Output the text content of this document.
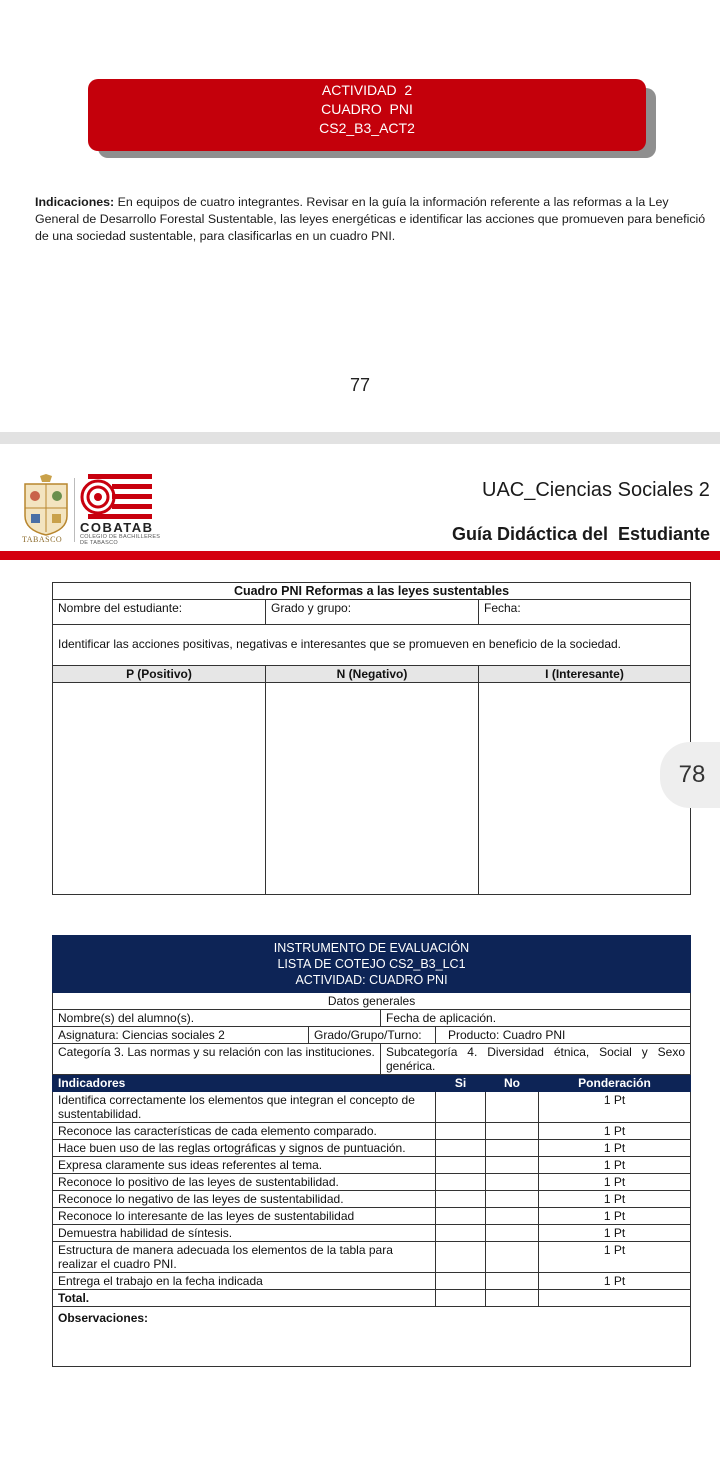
ACTIVIDAD  2
CUADRO  PNI
CS2_B3_ACT2

Indicaciones: En equipos de cuatro integrantes. Revisar en la guía la información referente a las reformas a la Ley General de Desarrollo Forestal Sustentable, las leyes energéticas e identificar las acciones que promueven para benefició de una sociedad sustentable, para clasificarlas en un cuadro PNI.

77
TABASCO
COBATAB
COLEGIO DE BACHILLERES
DE TABASCO
UAC_Ciencias Sociales 2
Guía Didáctica del  Estudiante
Cuadro PNI Reformas a las leyes sustentables		
Nombre del estudiante:	Grado y grupo:	Fecha:
Identificar las acciones positivas, negativas e interesantes que se promueven en beneficio de la sociedad.		
P (Positivo)	N (Negativo)	I (Interesante)

78
INSTRUMENTO DE EVALUACIÓN
LISTA DE COTEJO CS2_B3_LC1
ACTIVIDAD: CUADRO PNI					

Datos generales					
Nombre(s) del alumno(s).		Fecha de aplicación.			
Asignatura: Ciencias sociales 2	Grado/Grupo/Turno:		Producto: Cuadro PNI		
Categoría 3. Las normas y su relación con las instituciones.		Subcategoría 4. Diversidad étnica, Social y Sexo genérica.			
Indicadores			Si	No	Ponderación
Identifica correctamente los elementos que integran el concepto de sustentabilidad.					1 Pt
Reconoce las características de cada elemento comparado.					1 Pt
Hace buen uso de las reglas ortográficas y signos de puntuación.					1 Pt
Expresa claramente sus ideas referentes al tema.					1 Pt
Reconoce lo positivo de las leyes de sustentabilidad.					1 Pt
Reconoce lo negativo de las leyes de sustentabilidad.					1 Pt
Reconoce lo interesante de las leyes de sustentabilidad					1 Pt
Demuestra habilidad de síntesis.					1 Pt
Estructura de manera adecuada los elementos de la tabla para realizar el cuadro PNI.					1 Pt
Entrega el trabajo en la fecha indicada					1 Pt
Total.					
Observaciones:					
